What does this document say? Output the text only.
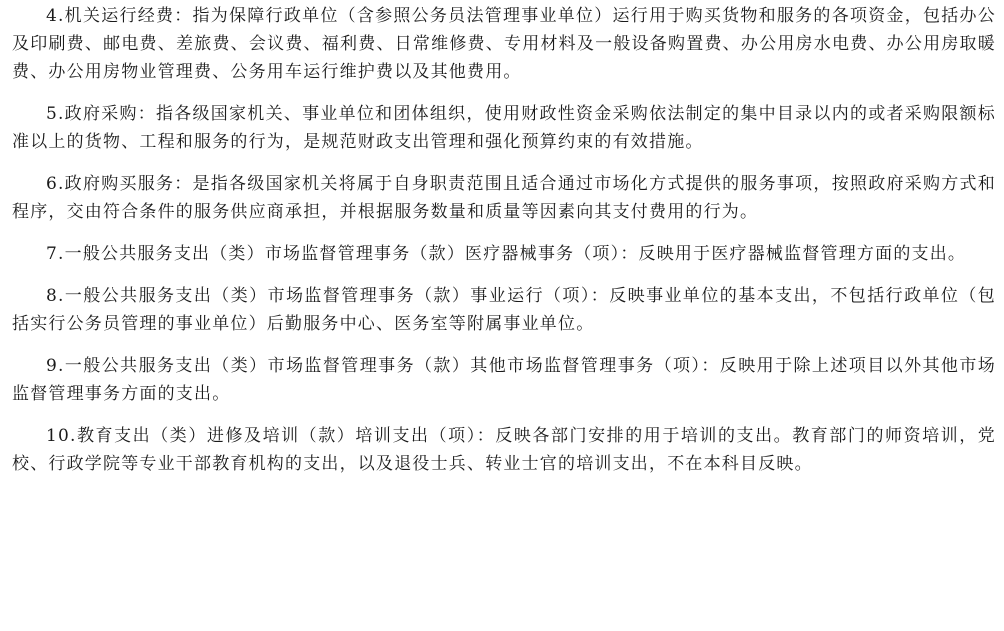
4.机关运行经费：指为保障行政单位（含参照公务员法管理事业单位）运行用于购买货物和服务的各项资金，包括办公及印刷费、邮电费、差旅费、会议费、福利费、日常维修费、专用材料及一般设备购置费、办公用房水电费、办公用房取暖费、办公用房物业管理费、公务用车运行维护费以及其他费用。

5.政府采购：指各级国家机关、事业单位和团体组织，使用财政性资金采购依法制定的集中目录以内的或者采购限额标准以上的货物、工程和服务的行为，是规范财政支出管理和强化预算约束的有效措施。

6.政府购买服务：是指各级国家机关将属于自身职责范围且适合通过市场化方式提供的服务事项，按照政府采购方式和程序，交由符合条件的服务供应商承担，并根据服务数量和质量等因素向其支付费用的行为。

7.一般公共服务支出（类）市场监督管理事务（款）医疗器械事务（项）：反映用于医疗器械监督管理方面的支出。

8.一般公共服务支出（类）市场监督管理事务（款）事业运行（项）：反映事业单位的基本支出，不包括行政单位（包括实行公务员管理的事业单位）后勤服务中心、医务室等附属事业单位。

9.一般公共服务支出（类）市场监督管理事务（款）其他市场监督管理事务（项）：反映用于除上述项目以外其他市场监督管理事务方面的支出。

10.教育支出（类）进修及培训（款）培训支出（项）：反映各部门安排的用于培训的支出。教育部门的师资培训，党校、行政学院等专业干部教育机构的支出，以及退役士兵、转业士官的培训支出，不在本科目反映。
